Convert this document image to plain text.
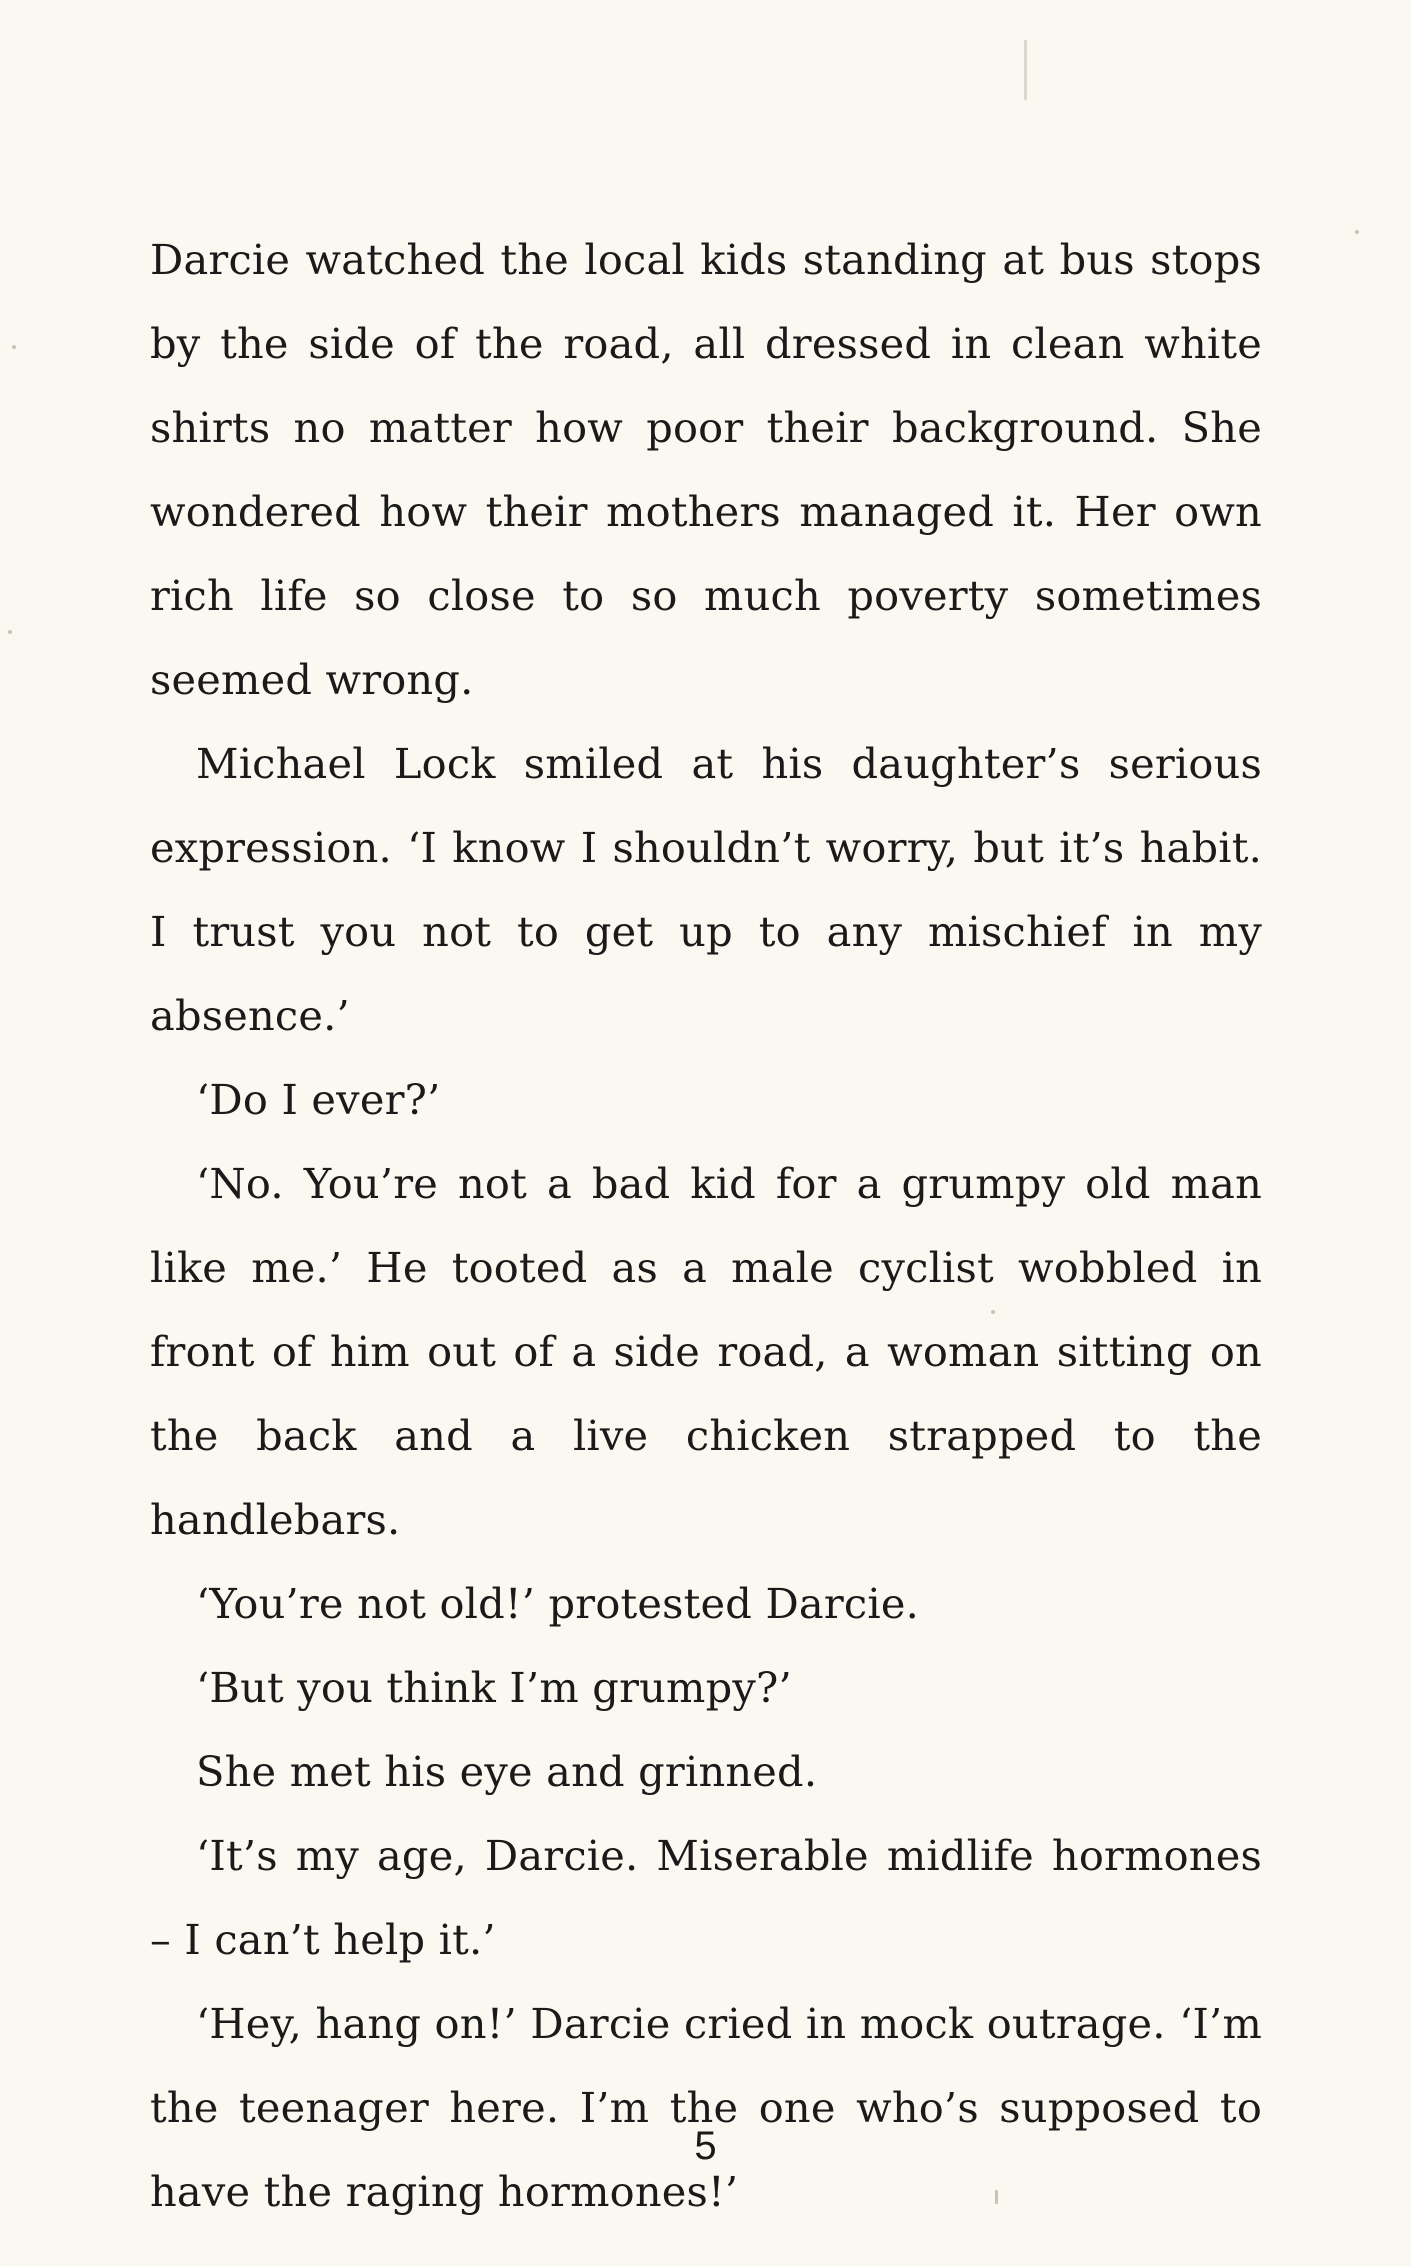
Darcie watched the local kids standing at bus stops by the side of the road, all dressed in clean white shirts no matter how poor their background. She wondered how their mothers managed it. Her own rich life so close to so much poverty sometimes seemed wrong.

Michael Lock smiled at his daughter’s serious expression. ‘I know I shouldn’t worry, but it’s habit. I trust you not to get up to any mischief in my absence.’

‘Do I ever?’

‘No. You’re not a bad kid for a grumpy old man like me.’ He tooted as a male cyclist wobbled in front of him out of a side road, a woman sitting on the back and a live chicken strapped to the handlebars.

‘You’re not old!’ protested Darcie.

‘But you think I’m grumpy?’

She met his eye and grinned.

‘It’s my age, Darcie. Miserable midlife hormones – I can’t help it.’

‘Hey, hang on!’ Darcie cried in mock outrage. ‘I’m the teenager here. I’m the one who’s supposed to have the raging hormones!’

5
